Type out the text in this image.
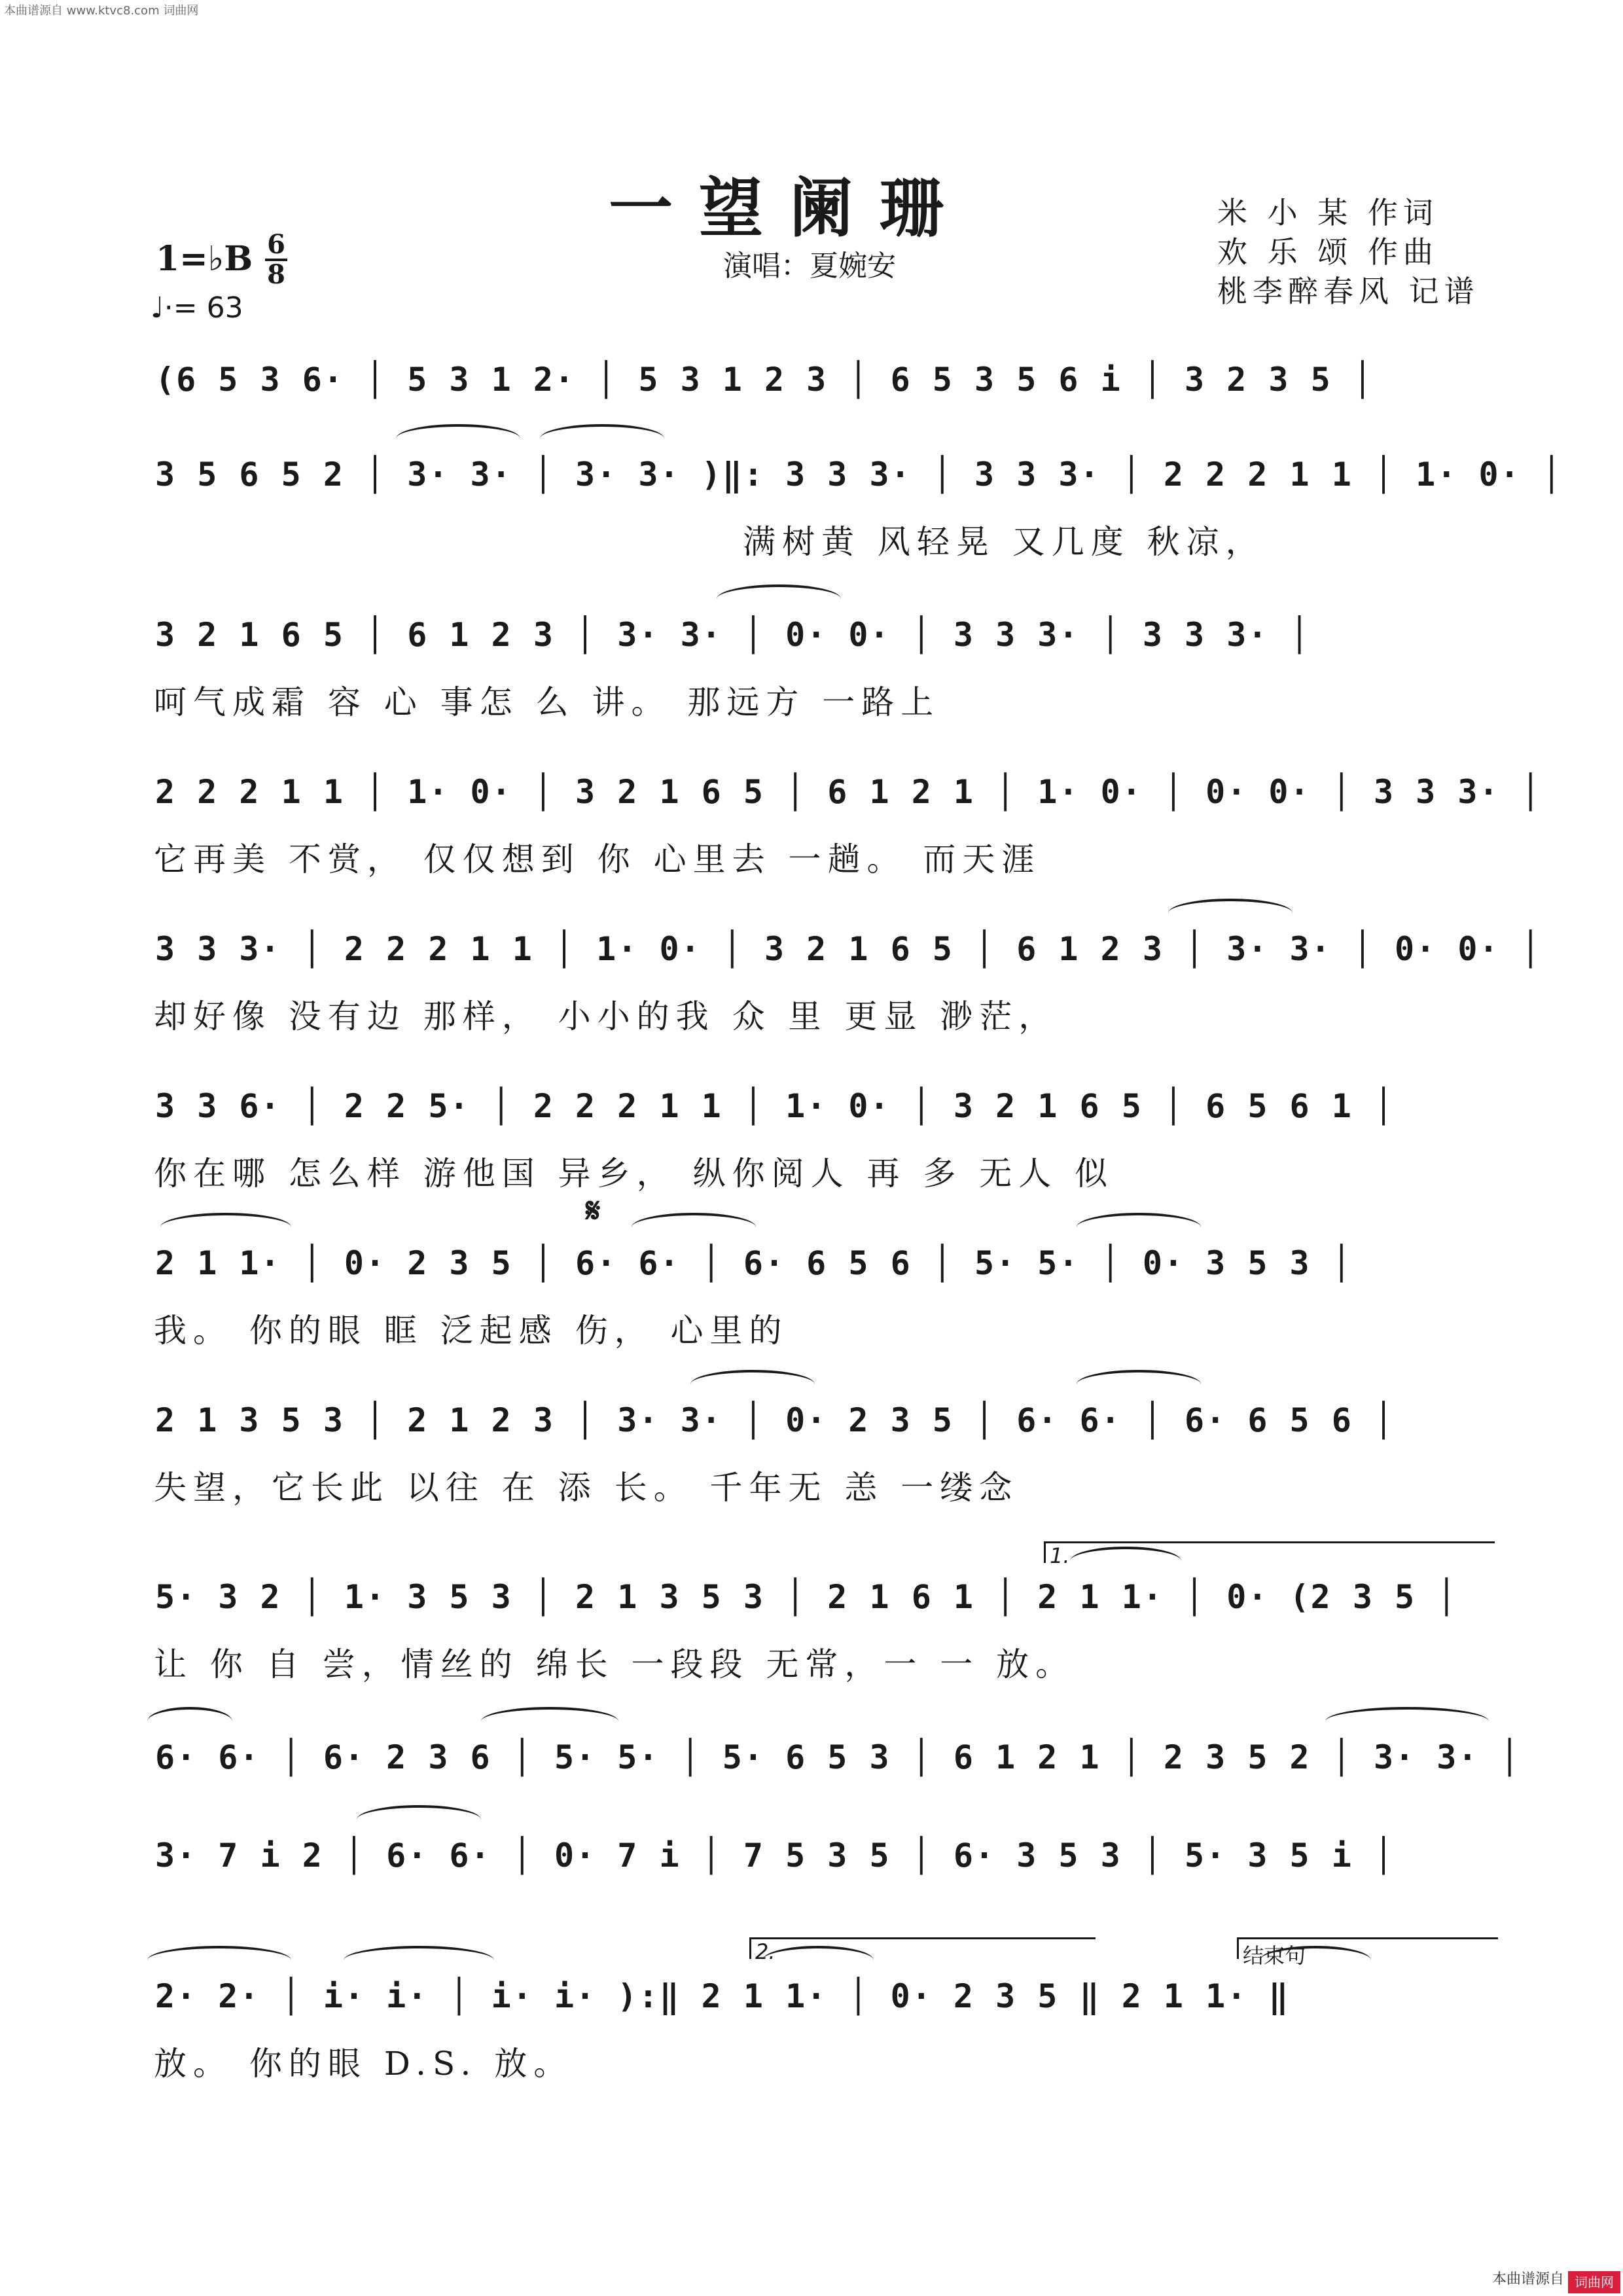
本曲谱源自 www.ktvc8.com 词曲网
一望阑珊
演唱：夏婉安
米 小 某 作词
欢 乐 颂 作曲
桃李醉春风 记谱
1=♭B 6
8
♩·= 63
(6 5 3 6· │ 5 3 1 2· │ 5 3 1 2 3 │ 6 5 3 5 6 i │ 3 2 3 5 │
3 5 6 5 2 │ 3· 3· │ 3· 3· )‖: 3 3 3· │ 3 3 3· │ 2 2 2 1 1 │ 1· 0· │
满树黄 风轻晃 又几度 秋凉，
3 2 1 6 5 │ 6 1 2 3 │ 3· 3· │ 0· 0· │ 3 3 3· │ 3 3 3· │
呵气成霜 容 心 事怎 么 讲。 那远方 一路上
2 2 2 1 1 │ 1· 0· │ 3 2 1 6 5 │ 6 1 2 1 │ 1· 0· │ 0· 0· │ 3 3 3· │
它再美 不赏， 仅仅想到 你 心里去 一趟。 而天涯
3 3 3· │ 2 2 2 1 1 │ 1· 0· │ 3 2 1 6 5 │ 6 1 2 3 │ 3· 3· │ 0· 0· │
却好像 没有边 那样， 小小的我 众 里 更显 渺茫，
3 3 6· │ 2 2 5· │ 2 2 2 1 1 │ 1· 0· │ 3 2 1 6 5 │ 6 5 6 1 │
你在哪 怎么样 游他国 异乡， 纵你阅人 再 多 无人 似
𝄋
2 1 1· │ 0· 2 3 5 │ 6· 6· │ 6· 6 5 6 │ 5· 5· │ 0· 3 5 3 │
我。 你的眼 眶 泛起感 伤， 心里的
2 1 3 5 3 │ 2 1 2 3 │ 3· 3· │ 0· 2 3 5 │ 6· 6· │ 6· 6 5 6 │
失望，它长此 以往 在 添 长。 千年无 恙 一缕念
1.
5· 3 2 │ 1· 3 5 3 │ 2 1 3 5 3 │ 2 1 6 1 │ 2 1 1· │ 0· (2 3 5 │
让 你 自 尝，情丝的 绵长 一段段 无常，一 一 放。
6· 6· │ 6· 2 3 6 │ 5· 5· │ 5· 6 5 3 │ 6 1 2 1 │ 2 3 5 2 │ 3· 3· │
3· 7 i 2 │ 6· 6· │ 0· 7 i │ 7 5 3 5 │ 6· 3 5 3 │ 5· 3 5 i │
2.	结束句
2· 2· │ i· i· │ i· i· ):‖ 2 1 1· │ 0· 2 3 5 ‖ 2 1 1· ‖
放。 你的眼 D.S. 放。
本曲谱源自 词曲网
